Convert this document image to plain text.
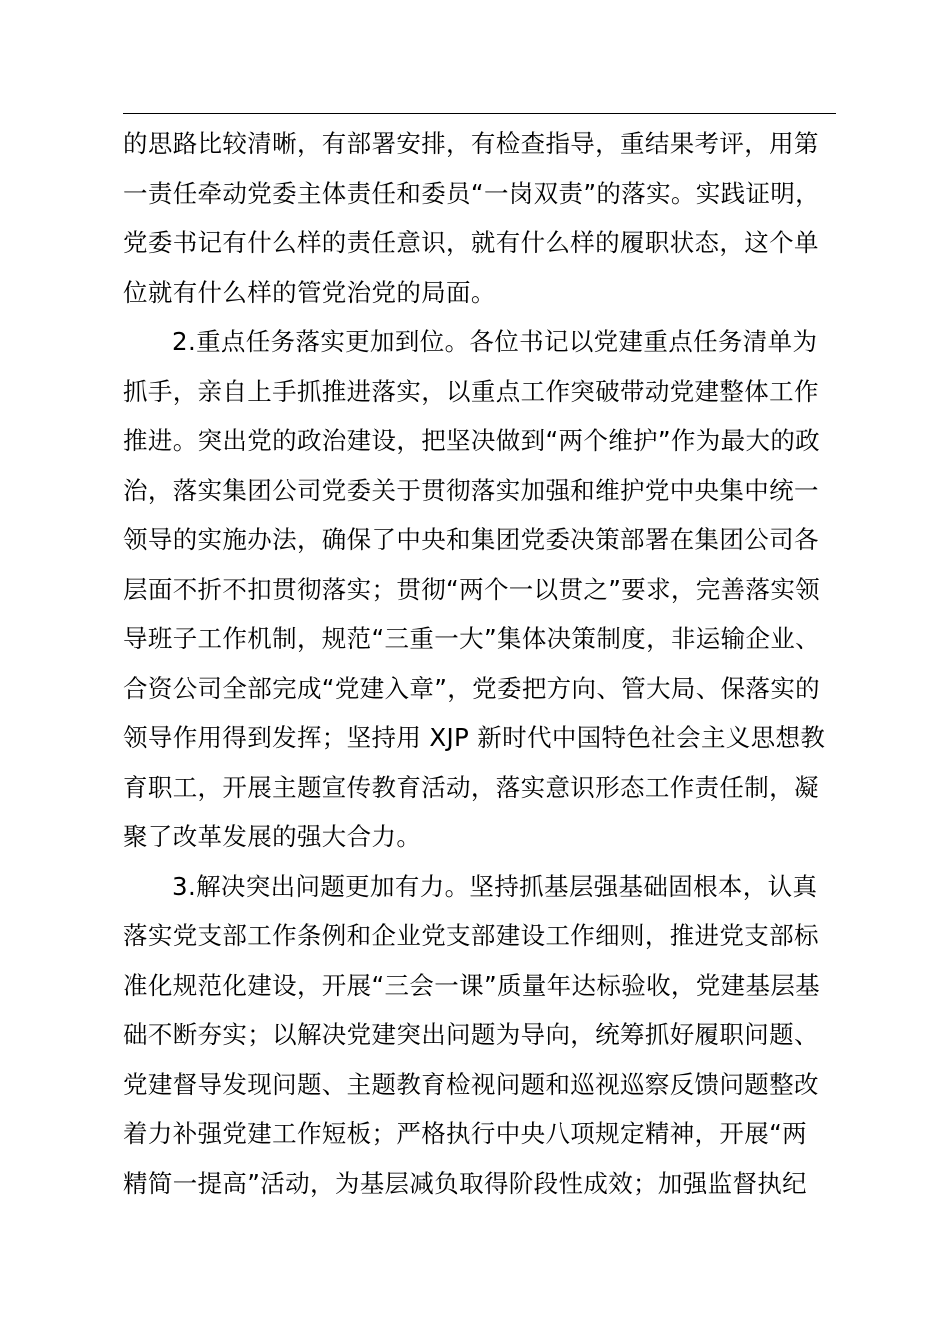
的思路比较清晰，有部署安排，有检查指导，重结果考评，用第
一责任牵动党委主体责任和委员“一岗双责”的落实。实践证明，
党委书记有什么样的责任意识，就有什么样的履职状态，这个单
位就有什么样的管党治党的局面。
2.重点任务落实更加到位。各位书记以党建重点任务清单为
抓手，亲自上手抓推进落实，以重点工作突破带动党建整体工作
推进。突出党的政治建设，把坚决做到“两个维护”作为最大的政
治，落实集团公司党委关于贯彻落实加强和维护党中央集中统一
领导的实施办法，确保了中央和集团党委决策部署在集团公司各
层面不折不扣贯彻落实；贯彻“两个一以贯之”要求，完善落实领
导班子工作机制，规范“三重一大”集体决策制度，非运输企业、
合资公司全部完成“党建入章”，党委把方向、管大局、保落实的
领导作用得到发挥；坚持用 XJP 新时代中国特色社会主义思想教
育职工，开展主题宣传教育活动，落实意识形态工作责任制，凝
聚了改革发展的强大合力。
3.解决突出问题更加有力。坚持抓基层强基础固根本，认真
落实党支部工作条例和企业党支部建设工作细则，推进党支部标
准化规范化建设，开展“三会一课”质量年达标验收，党建基层基
础不断夯实；以解决党建突出问题为导向，统筹抓好履职问题、
党建督导发现问题、主题教育检视问题和巡视巡察反馈问题整改
着力补强党建工作短板；严格执行中央八项规定精神，开展“两
精简一提高”活动，为基层减负取得阶段性成效；加强监督执纪
